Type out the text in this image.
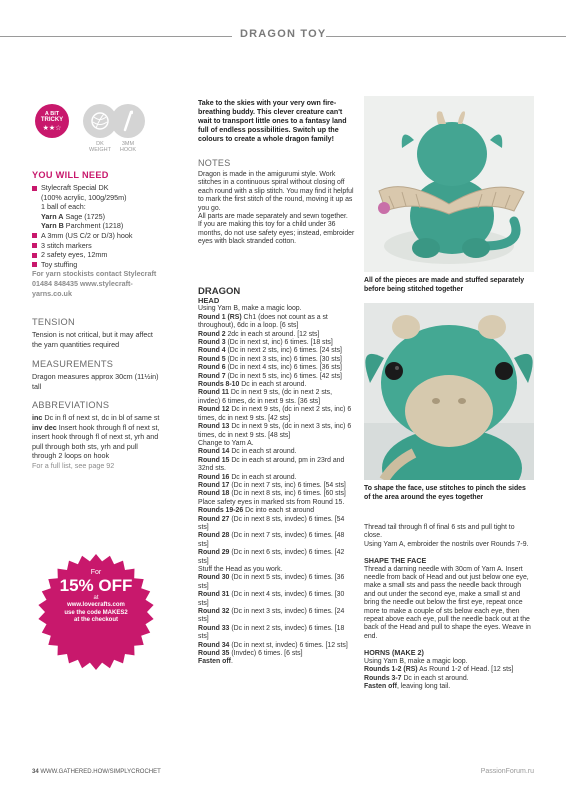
DRAGON TOY
A BIT
TRICKY
★★☆
DK
WEIGHT
3MM
HOOK
YOU WILL NEED
Stylecraft Special DK
(100% acrylic, 100g/295m)
1 ball of each:
Yarn A Sage (1725)
Yarn B Parchment (1218)
A 3mm (US C/2 or D/3) hook
3 stitch markers
2 safety eyes, 12mm
Toy stuffing
For yarn stockists contact Stylecraft 01484 848435 www.stylecraft-yarns.co.uk
TENSION
Tension is not critical, but it may affect the yarn quantities required
MEASUREMENTS
Dragon measures approx 30cm (11½in) tall
ABBREVIATIONS
inc Dc in fl of next st, dc in bl of same st
inv dec Insert hook through fl of next st, insert hook through fl of next st, yrh and pull through both sts, yrh and pull through 2 loops on hook
For a full list, see page 92
For
15% OFF
at
www.lovecrafts.com
use the code MAKES2
at the checkout
Take to the skies with your very own fire-breathing buddy. This clever creature can't wait to transport little ones to a fantasy land full of endless possibilities. Switch up the colours to create a whole dragon family!
NOTES
Dragon is made in the amigurumi style. Work stitches in a continuous spiral without closing off each round with a slip stitch. You may find it helpful to mark the first stitch of the round, moving it up as you go.
All parts are made separately and sewn together.
If you are making this toy for a child under 36 months, do not use safety eyes; instead, embroider eyes with black stranded cotton.
DRAGON
HEAD
Using Yarn B, make a magic loop.
Round 1 (RS) Ch1 (does not count as a st throughout), 6dc in a loop. [6 sts]
Round 2 2dc in each st around. [12 sts]
Round 3 (Dc in next st, inc) 6 times. [18 sts]
Round 4 (Dc in next 2 sts, inc) 6 times. [24 sts]
Round 5 (Dc in next 3 sts, inc) 6 times. [30 sts]
Round 6 (Dc in next 4 sts, inc) 6 times. [36 sts]
Round 7 (Dc in next 5 sts, inc) 6 times. [42 sts]
Rounds 8-10 Dc in each st around.
Round 11 Dc in next 9 sts, (dc in next 2 sts, invdec) 6 times, dc in next 9 sts. [36 sts]
Round 12 Dc in next 9 sts, (dc in next 2 sts, inc) 6 times, dc in next 9 sts. [42 sts]
Round 13 Dc in next 9 sts, (dc in next 3 sts, inc) 6 times, dc in next 9 sts. [48 sts]
Change to Yarn A.
Round 14 Dc in each st around.
Round 15 Dc in each st around, pm in 23rd and 32nd sts.
Round 16 Dc in each st around.
Round 17 (Dc in next 7 sts, inc) 6 times. [54 sts]
Round 18 (Dc in next 8 sts, inc) 6 times. [60 sts]
Place safety eyes in marked sts from Round 15.
Rounds 19-26 Dc into each st around
Round 27 (Dc in next 8 sts, invdec) 6 times. [54 sts]
Round 28 (Dc in next 7 sts, invdec) 6 times. [48 sts]
Round 29 (Dc in next 6 sts, invdec) 6 times. [42 sts]
Stuff the Head as you work.
Round 30 (Dc in next 5 sts, invdec) 6 times. [36 sts]
Round 31 (Dc in next 4 sts, invdec) 6 times. [30 sts]
Round 32 (Dc in next 3 sts, invdec) 6 times. [24 sts]
Round 33 (Dc in next 2 sts, invdec) 6 times. [18 sts]
Round 34 (Dc in next st, invdec) 6 times. [12 sts]
Round 35 (Invdec) 6 times. [6 sts]
Fasten off.
All of the pieces are made and stuffed separately before being stitched together
To shape the face, use stitches to pinch the sides of the area around the eyes together
Thread tail through fl of final 6 sts and pull tight to close.
Using Yarn A, embroider the nostrils over Rounds 7-9.
SHAPE THE FACE
Thread a darning needle with 30cm of Yarn A. Insert needle from back of Head and out just below one eye, make a small sts and pass the needle back through and out under the second eye, make a small st and bring the needle out below the first eye, repeat once more to make a couple of sts below each eye, then repeat above each eye, pull the needle back out at the back of the Head and pull to shape the eyes. Weave in end.
HORNS (MAKE 2)
Using Yarn B, make a magic loop.
Rounds 1-2 (RS) As Round 1-2 of Head. [12 sts]
Rounds 3-7 Dc in each st around.
Fasten off, leaving long tail.
34 WWW.GATHERED.HOW/SIMPLYCROCHET	PassionForum.ru
